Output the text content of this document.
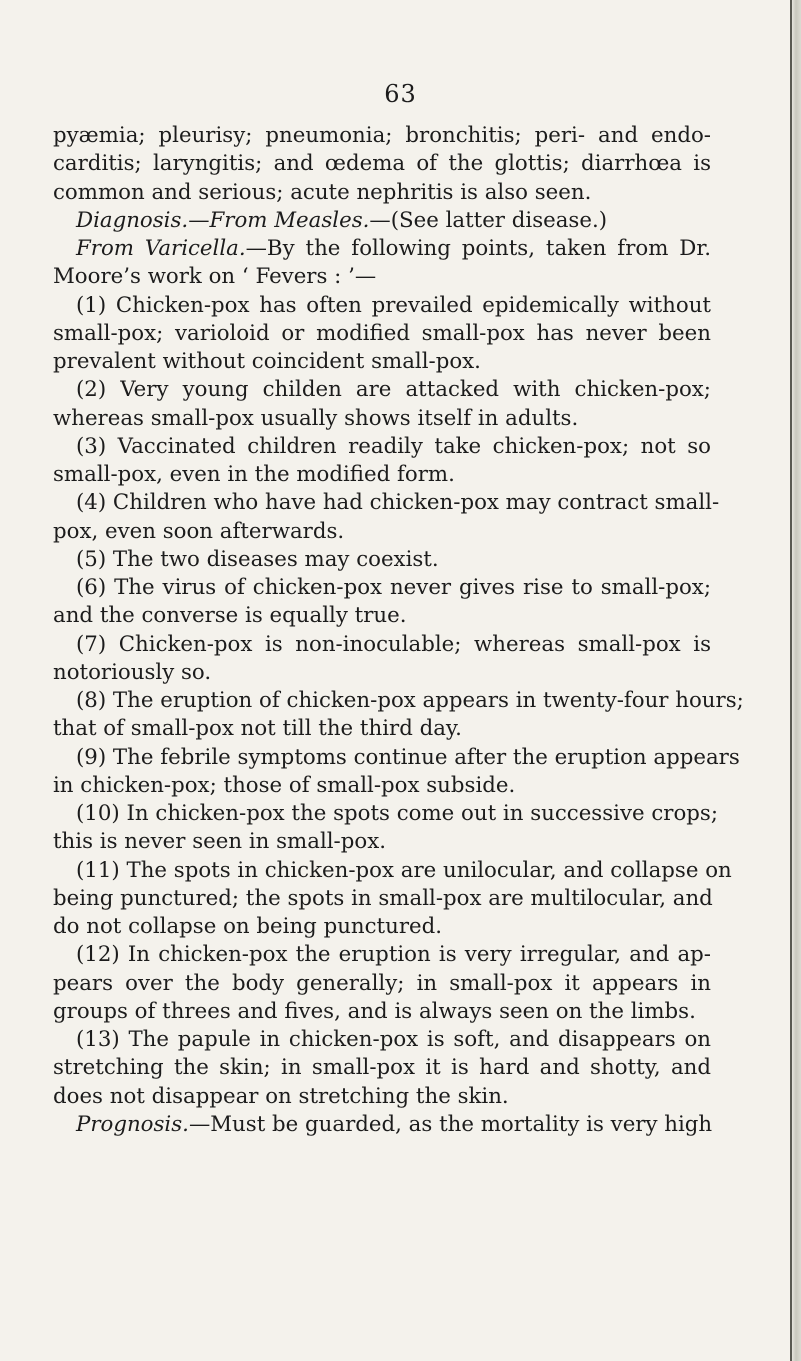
63
pyæmia; pleurisy; pneumonia; bronchitis; peri- and endo-
carditis; laryngitis; and œdema of the glottis; diarrhœa is
common and serious; acute nephritis is also seen.
Diagnosis.—From Measles.—(See latter disease.)
From Varicella.—By the following points, taken from Dr.
Moore’s work on ‘ Fevers : ’—
(1) Chicken-pox has often prevailed epidemically without
small-pox; varioloid or modified small-pox has never been
prevalent without coincident small-pox.
(2) Very young childen are attacked with chicken-pox;
whereas small-pox usually shows itself in adults.
(3) Vaccinated children readily take chicken-pox; not so
small-pox, even in the modified form.
(4) Children who have had chicken-pox may contract small-
pox, even soon afterwards.
(5) The two diseases may coexist.
(6) The virus of chicken-pox never gives rise to small-pox;
and the converse is equally true.
(7) Chicken-pox is non-inoculable; whereas small-pox is
notoriously so.
(8) The eruption of chicken-pox appears in twenty-four hours;
that of small-pox not till the third day.
(9) The febrile symptoms continue after the eruption appears
in chicken-pox; those of small-pox subside.
(10) In chicken-pox the spots come out in successive crops;
this is never seen in small-pox.
(11) The spots in chicken-pox are unilocular, and collapse on
being punctured; the spots in small-pox are multilocular, and
do not collapse on being punctured.
(12) In chicken-pox the eruption is very irregular, and ap-
pears over the body generally; in small-pox it appears in
groups of threes and fives, and is always seen on the limbs.
(13) The papule in chicken-pox is soft, and disappears on
stretching the skin; in small-pox it is hard and shotty, and
does not disappear on stretching the skin.
Prognosis.—Must be guarded, as the mortality is very high
